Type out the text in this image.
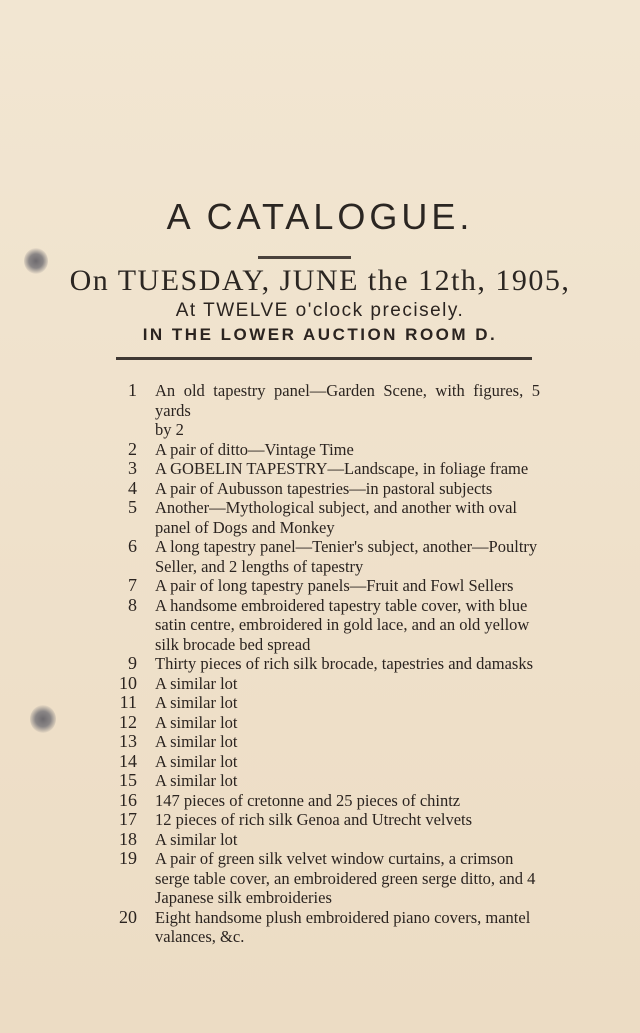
A CATALOGUE.
On TUESDAY, JUNE the 12th, 1905,
At TWELVE o'clock precisely.
IN THE LOWER AUCTION ROOM D.
1	An old tapestry panel—Garden Scene, with figures, 5 yards
by 2
2	A pair of ditto—Vintage Time
3	A GOBELIN TAPESTRY—Landscape, in foliage frame
4	A pair of Aubusson tapestries—in pastoral subjects
5	Another—Mythological subject, and another with oval
panel of Dogs and Monkey
6	A long tapestry panel—Tenier's subject, another—Poultry
Seller, and 2 lengths of tapestry
7	A pair of long tapestry panels—Fruit and Fowl Sellers
8	A handsome embroidered tapestry table cover, with blue
satin centre, embroidered in gold lace, and an old yellow
silk brocade bed spread
9	Thirty pieces of rich silk brocade, tapestries and damasks
10	A similar lot
11	A similar lot
12	A similar lot
13	A similar lot
14	A similar lot
15	A similar lot
16	147 pieces of cretonne and 25 pieces of chintz
17	12 pieces of rich silk Genoa and Utrecht velvets
18	A similar lot
19	A pair of green silk velvet window curtains, a crimson
serge table cover, an embroidered green serge ditto, and 4
Japanese silk embroideries
20	Eight handsome plush embroidered piano covers, mantel
valances, &c.
